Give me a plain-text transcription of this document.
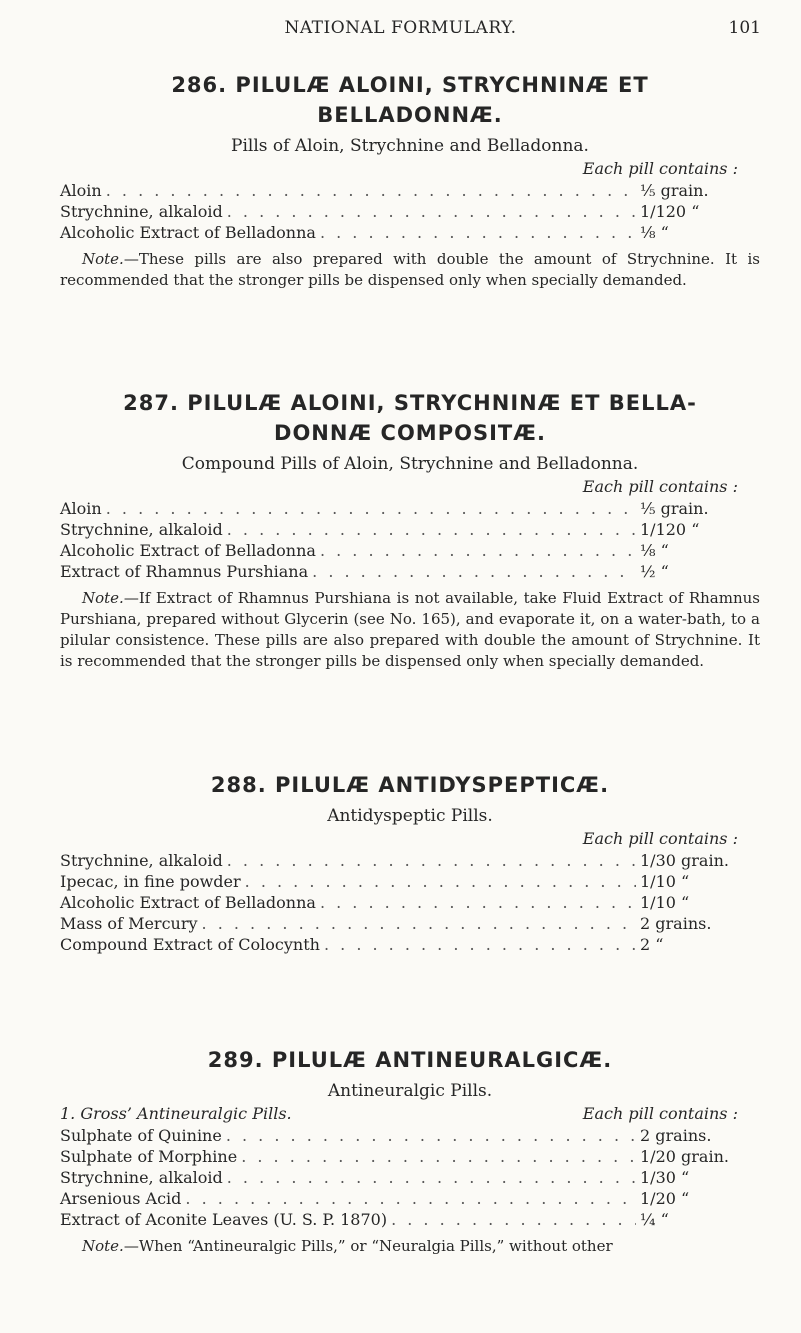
NATIONAL FORMULARY.	101
286. PILULÆ ALOINI, STRYCHNINÆ ET
BELLADONNÆ.
Pills of Aloin, Strychnine and Belladonna.
Each pill contains :
Aloin . . .	⅕ grain.
Strychnine, alkaloid . . .	1/120 “
Alcoholic Extract of Belladonna . . .	⅛ “
Note.—These pills are also prepared with double the amount of Strychnine. It is recommended that the stronger pills be dispensed only when specially demanded.
287. PILULÆ ALOINI, STRYCHNINÆ ET BELLA-
DONNÆ COMPOSITÆ.
Compound Pills of Aloin, Strychnine and Belladonna.
Each pill contains :
Aloin . . .	⅕ grain.
Strychnine, alkaloid . . .	1/120 “
Alcoholic Extract of Belladonna . . .	⅛ “
Extract of Rhamnus Purshiana . . .	½ “
Note.—If Extract of Rhamnus Purshiana is not available, take Fluid Extract of Rhamnus Purshiana, prepared without Glycerin (see No. 165), and evaporate it, on a water-bath, to a pilular consistence. These pills are also prepared with double the amount of Strychnine. It is recommended that the stronger pills be dispensed only when specially demanded.
288. PILULÆ ANTIDYSPEPTICÆ.
Antidyspeptic Pills.
Each pill contains :
Strychnine, alkaloid . . .	1/30 grain.
Ipecac, in fine powder . . .	1/10 “
Alcoholic Extract of Belladonna . . .	1/10 “
Mass of Mercury . . .	2 grains.
Compound Extract of Colocynth . . .	2 “
289. PILULÆ ANTINEURALGICÆ.
Antineuralgic Pills.
1. Gross’ Antineuralgic Pills.	Each pill contains :
Sulphate of Quinine . . .	2 grains.
Sulphate of Morphine . . .	1/20 grain.
Strychnine, alkaloid . . .	1/30 “
Arsenious Acid . . .	1/20 “
Extract of Aconite Leaves (U. S. P. 1870) . . .	¼ “
Note.—When “Antineuralgic Pills,” or “Neuralgia Pills,” without other
